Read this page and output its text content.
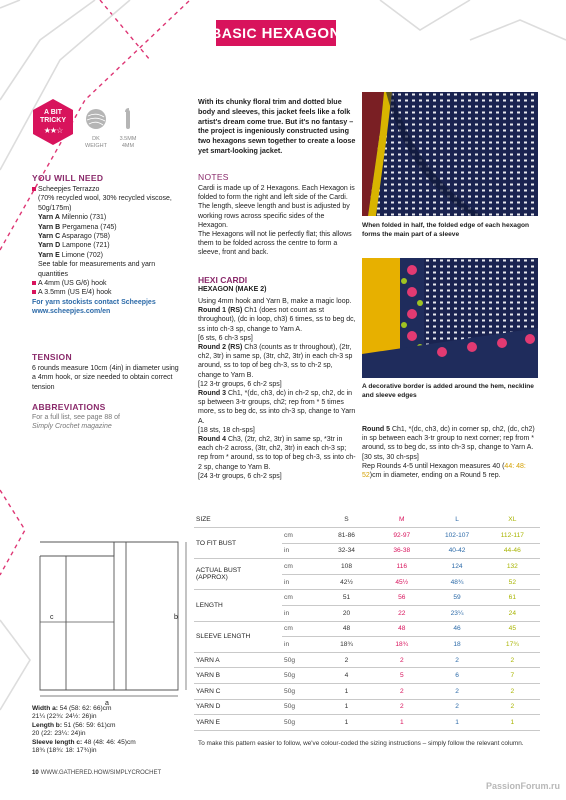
BASIC
HEXAGON
A BIT
TRICKY
★★☆
DK
WEIGHT
3.5MM
4MM
YOU WILL NEED
Scheepjes Terrazzo
(70% recycled wool, 30% recycled viscose, 50g/175m)
Yarn A Milennio (731)
Yarn B Pergamena (745)
Yarn C Asparago (758)
Yarn D Lampone (721)
Yarn E Limone (702)
See table for measurements and yarn quantities
A 4mm (US G/6) hook
A 3.5mm (US E/4) hook
For yarn stockists contact Scheepjes
www.scheepjes.com/en
TENSION
6 rounds measure 10cm (4in) in diameter using a 4mm hook, or size needed to obtain correct tension
ABBREVIATIONS
For a full list, see page 88 of
Simply Crochet magazine
With its chunky floral trim and dotted blue body and sleeves, this jacket feels like a folk artist's dream come true. But it's no fantasy – the project is ingeniously constructed using two hexagons sewn together to create a loose yet smart-looking jacket.
NOTES
Cardi is made up of 2 Hexagons. Each Hexagon is folded to form the right and left side of the Cardi. The length, sleeve length and bust is adjusted by working rows across specific sides of the Hexagon.
The Hexagons will not lie perfectly flat; this allows them to be folded across the centre to form a sleeve, front and back.
HEXI CARDI
HEXAGON (MAKE 2)
Using 4mm hook and Yarn B, make a magic loop.
Round 1 (RS) Ch1 (does not count as st throughout), (dc in loop, ch3) 6 times, ss to beg dc, ss into ch-3 sp, change to Yarn A.
[6 sts, 6 ch-3 sps]
Round 2 (RS) Ch3 (counts as tr throughout), (2tr, ch2, 3tr) in same sp, (3tr, ch2, 3tr) in each ch-3 sp around, ss to top of beg ch-3, ss to ch-2 sp, change to Yarn B.
[12 3-tr groups, 6 ch-2 sps]
Round 3 Ch1, *(dc, ch3, dc) in ch-2 sp, ch2, dc in sp between 3-tr groups, ch2; rep from * 5 times more, ss to beg dc, ss into ch-3 sp, change to Yarn A.
[18 sts, 18 ch-sps]
Round 4 Ch3, (2tr, ch2, 3tr) in same sp, *3tr in each ch-2 across, (3tr, ch2, 3tr) in each ch-3 sp; rep from * around, ss to top of beg ch-3, ss into ch-2 sp, change to Yarn B.
[24 3-tr groups, 6 ch-2 sps]
When folded in half, the folded edge of each hexagon forms the main part of a sleeve
A decorative border is added around the hem, neckline and sleeve edges
Round 5 Ch1, *(dc, ch3, dc) in corner sp, ch2, (dc, ch2) in sp between each 3-tr group to next corner; rep from * around, ss to beg dc, ss into ch-3 sp, change to Yarn A.
[30 sts, 30 ch-sps]
Rep Rounds 4-5 until Hexagon measures 40 (44: 48: 52)cm in diameter, ending on a Round 5 rep.
b
a
c
Width a: 54 (58: 62: 66)cm
21¼ (22¾: 24½: 26)in
Length b: 51 (56: 59: 61)cm
20 (22: 23¼: 24)in
Sleeve length c: 48 (48: 46: 45)cm
18¾ (18¾: 18: 17¾)in
SIZE		S	M	L	XL
TO FIT BUST	cm	81-86	92-97	102-107	112-117
	in	32-34	36-38	40-42	44-46

ACTUAL BUST
(APPROX)	cm	108	116	124	132
	in	42½	45½	48¾	52
LENGTH	cm	51	56	59	61
	in	20	22	23¼	24
SLEEVE LENGTH	cm	48	48	46	45
	in	18¾	18¾	18	17¾
YARN A	50g	2	2	2	2
YARN B	50g	4	5	6	7
YARN C	50g	1	2	2	2
YARN D	50g	1	2	2	2
YARN E	50g	1	1	1	1
To make this pattern easier to follow, we've colour-coded the sizing instructions – simply follow the relevant column.
10 WWW.GATHERED.HOW/SIMPLYCROCHET
PassionForum.ru
